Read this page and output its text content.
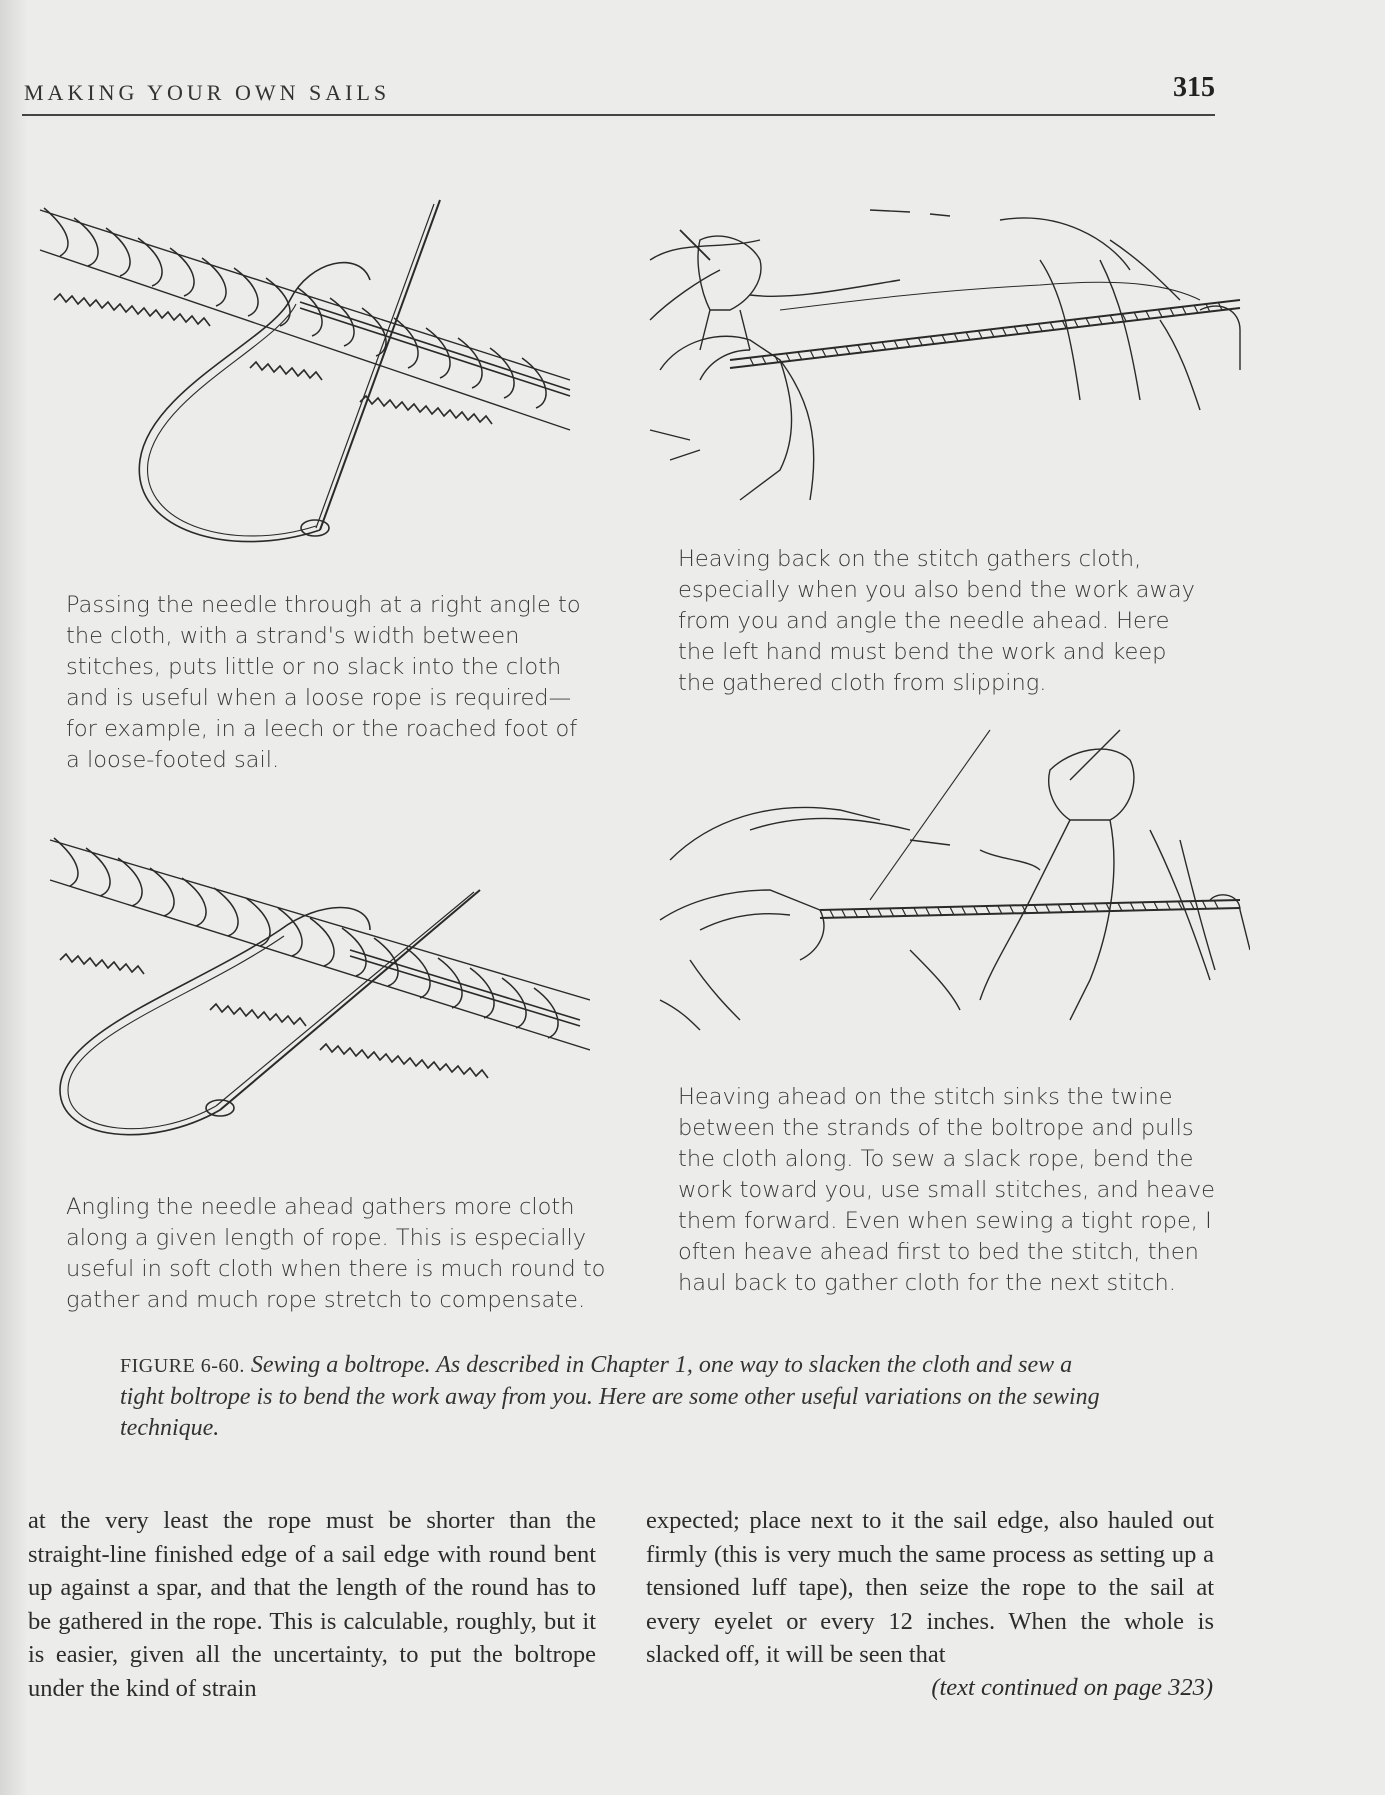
MAKING YOUR OWN SAILS	315
Passing the needle through at a right angle to the cloth, with a strand's width between stitches, puts little or no slack into the cloth and is useful when a loose rope is required—for example, in a leech or the roached foot of a loose-footed sail.
Heaving back on the stitch gathers cloth, especially when you also bend the work away from you and angle the needle ahead. Here the left hand must bend the work and keep the gathered cloth from slipping.
Angling the needle ahead gathers more cloth along a given length of rope. This is especially useful in soft cloth when there is much round to gather and much rope stretch to compensate.
Heaving ahead on the stitch sinks the twine between the strands of the boltrope and pulls the cloth along. To sew a slack rope, bend the work toward you, use small stitches, and heave them forward. Even when sewing a tight rope, I often heave ahead first to bed the stitch, then haul back to gather cloth for the next stitch.
FIGURE 6-60. Sewing a boltrope. As described in Chapter 1, one way to slacken the cloth and sew a tight boltrope is to bend the work away from you. Here are some other useful variations on the sewing technique.

at the very least the rope must be shorter than the straight-line finished edge of a sail edge with round bent up against a spar, and that the length of the round has to be gathered in the rope. This is calculable, roughly, but it is easier, given all the uncertainty, to put the boltrope under the kind of strain

expected; place next to it the sail edge, also hauled out firmly (this is very much the same process as setting up a tensioned luff tape), then seize the rope to the sail at every eyelet or every 12 inches. When the whole is slacked off, it will be seen that

(text continued on page 323)
